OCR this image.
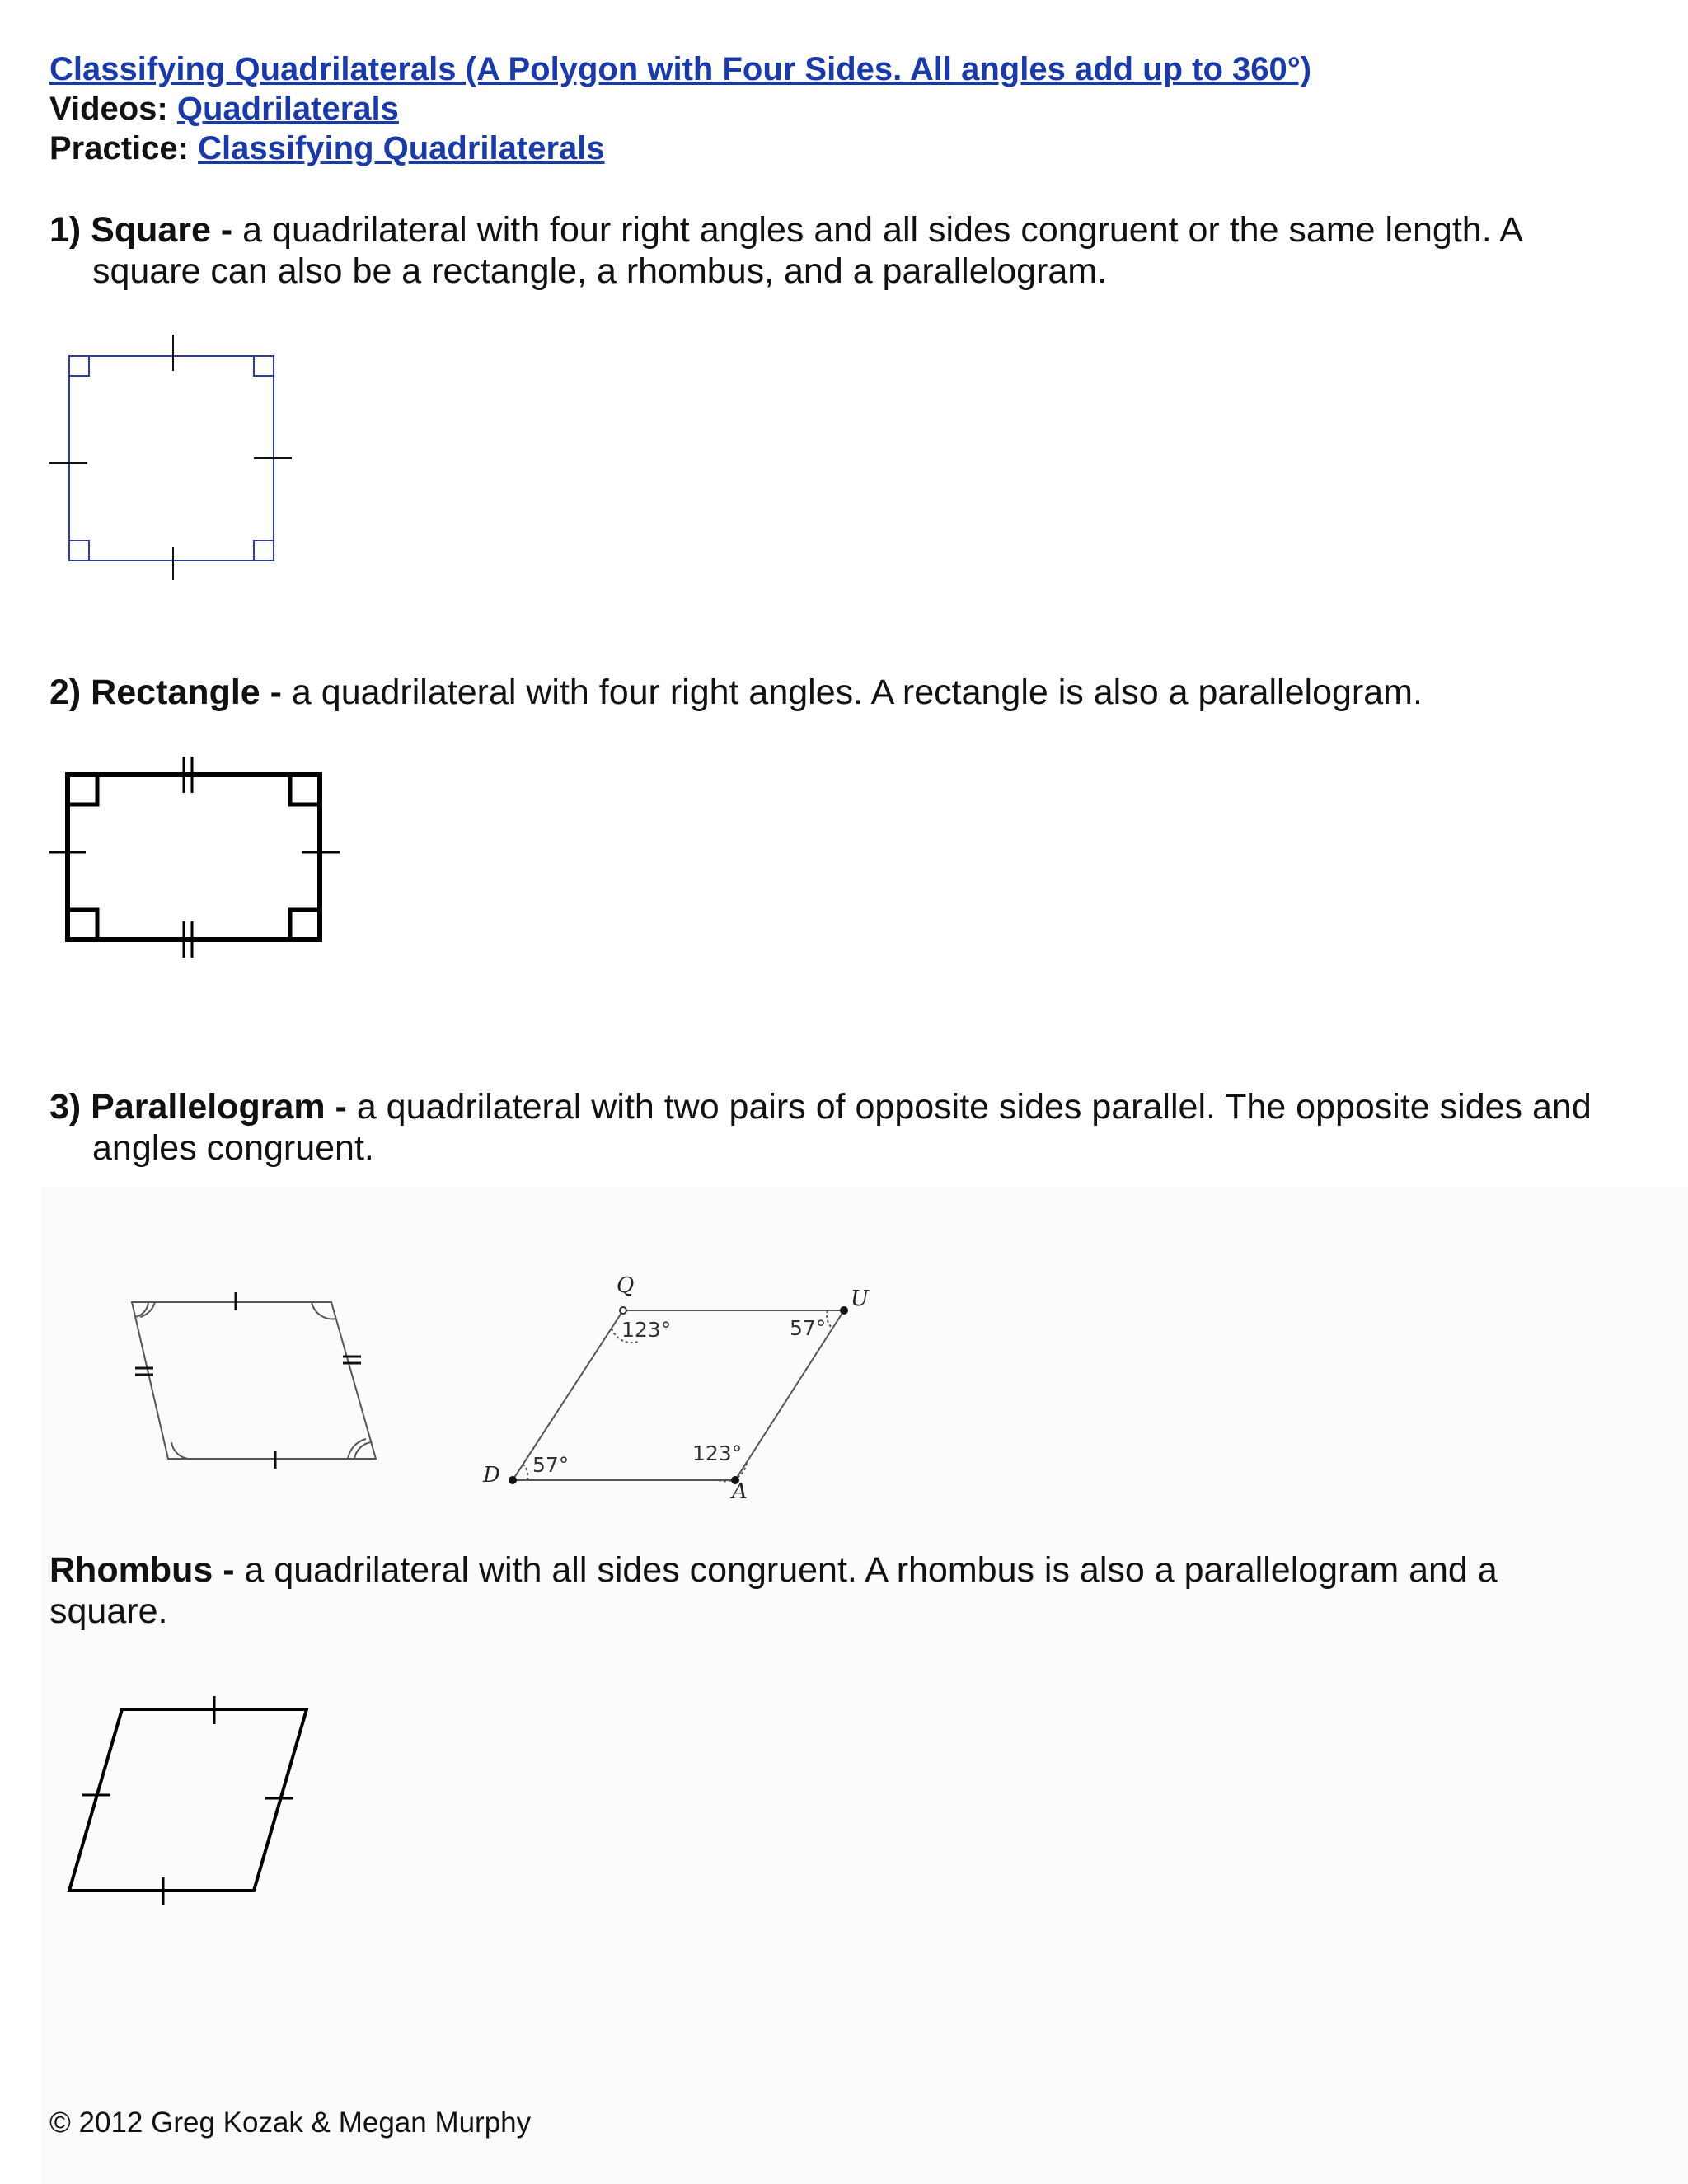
Classifying Quadrilaterals (A Polygon with Four Sides. All angles add up to 360°)
Videos: Quadrilaterals
Practice: Classifying Quadrilaterals
1) Square - a quadrilateral with four right angles and all sides congruent or the same length. A
square can also be a rectangle, a rhombus, and a parallelogram.
2) Rectangle - a quadrilateral with four right angles. A rectangle is also a parallelogram.
3) Parallelogram - a quadrilateral with two pairs of opposite sides parallel. The opposite sides and
angles congruent.
Q
U
D
A
123°	57°
57°	123°
Rhombus - a quadrilateral with all sides congruent. A rhombus is also a parallelogram and a
square.
© 2012 Greg Kozak & Megan Murphy
